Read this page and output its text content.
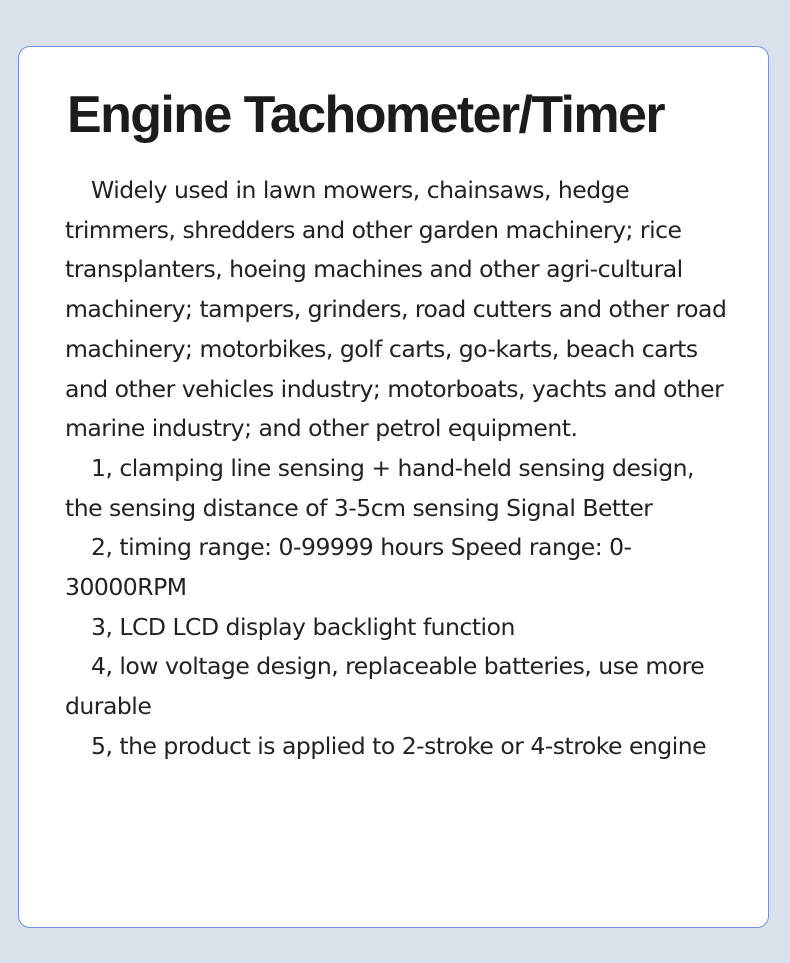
Engine Tachometer/Timer

Widely used in lawn mowers, chainsaws, hedge trimmers, shredders and other garden machinery; rice transplanters, hoeing machines and other agri-cultural machinery; tampers, grinders, road cutters and other road machinery; motorbikes, golf carts, go-karts, beach carts and other vehicles industry; motorboats, yachts and other marine industry; and other petrol equipment.

1, clamping line sensing + hand-held sensing design, the sensing distance of 3-5cm sensing Signal Better

2, timing range: 0-99999 hours Speed range: 0-30000RPM

3, LCD LCD display backlight function

4, low voltage design, replaceable batteries, use more durable

5, the product is applied to 2-stroke or 4-stroke engine
